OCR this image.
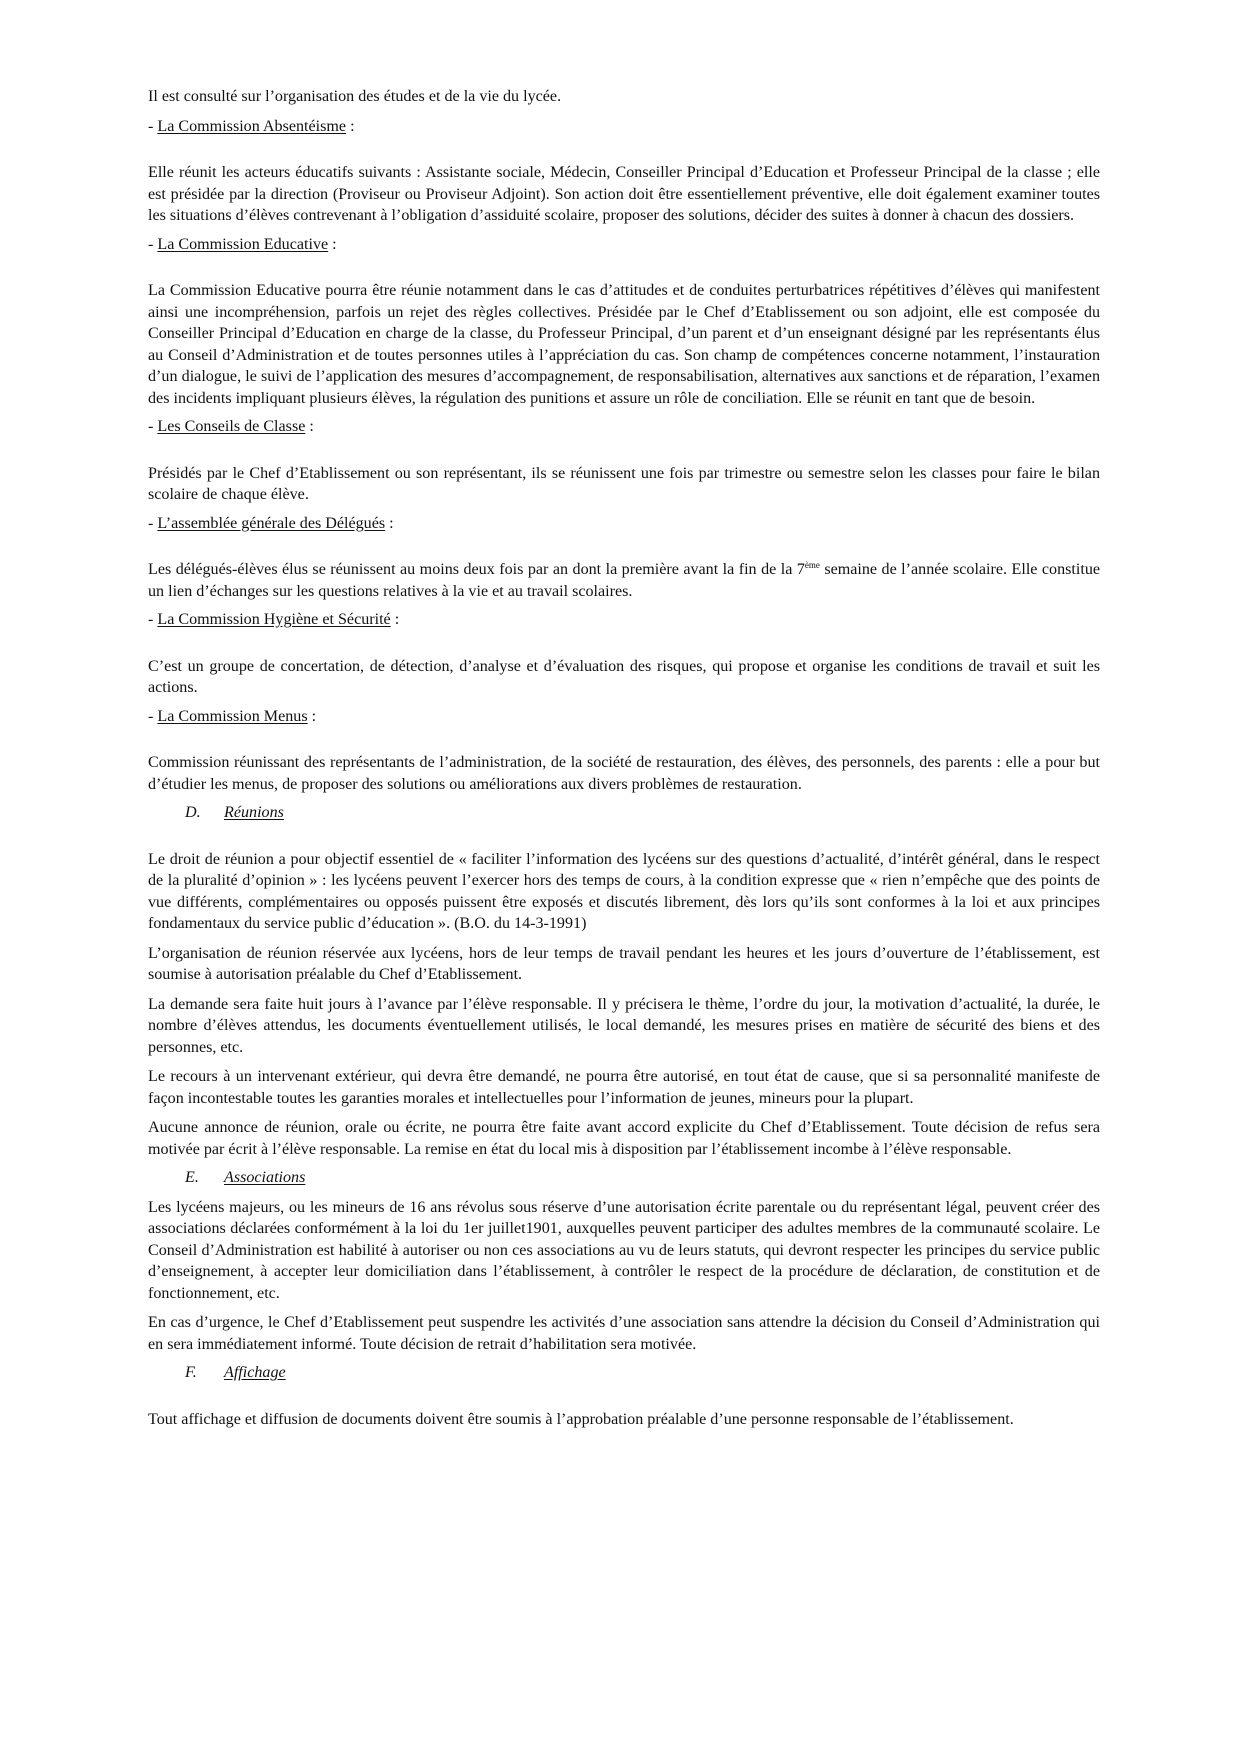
Il est consulté sur l’organisation des études et de la vie du lycée.

- La Commission Absentéisme :

Elle réunit les acteurs éducatifs suivants : Assistante sociale, Médecin, Conseiller Principal d’Education et Professeur Principal de la classe ; elle est présidée par la direction (Proviseur ou Proviseur Adjoint). Son action doit être essentiellement préventive, elle doit également examiner toutes les situations d’élèves contrevenant à l’obligation d’assiduité scolaire, proposer des solutions, décider des suites à donner à chacun des dossiers.

- La Commission Educative :

La Commission Educative pourra être réunie notamment dans le cas d’attitudes et de conduites perturbatrices répétitives d’élèves qui manifestent ainsi une incompréhension, parfois un rejet des règles collectives. Présidée par le Chef d’Etablissement ou son adjoint, elle est composée du Conseiller Principal d’Education en charge de la classe, du Professeur Principal, d’un parent et d’un enseignant désigné par les représentants élus au Conseil d’Administration et de toutes personnes utiles à l’appréciation du cas. Son champ de compétences concerne notamment, l’instauration d’un dialogue, le suivi de l’application des mesures d’accompagnement, de responsabilisation, alternatives aux sanctions et de réparation, l’examen des incidents impliquant plusieurs élèves, la régulation des punitions et assure un rôle de conciliation. Elle se réunit en tant que de besoin.

- Les Conseils de Classe :

Présidés par le Chef d’Etablissement ou son représentant, ils se réunissent une fois par trimestre ou semestre selon les classes pour faire le bilan scolaire de chaque élève.

- L’assemblée générale des Délégués :

Les délégués-élèves élus se réunissent au moins deux fois par an dont la première avant la fin de la 7ème semaine de l’année scolaire. Elle constitue un lien d’échanges sur les questions relatives à la vie et au travail scolaires.

- La Commission Hygiène et Sécurité :

C’est un groupe de concertation, de détection, d’analyse et d’évaluation des risques, qui propose et organise les conditions de travail et suit les actions.

- La Commission Menus :

Commission réunissant des représentants de l’administration, de la société de restauration, des élèves, des personnels, des parents : elle a pour but d’étudier les menus, de proposer des solutions ou améliorations aux divers problèmes de restauration.

D. Réunions

Le droit de réunion a pour objectif essentiel de « faciliter l’information des lycéens sur des questions d’actualité, d’intérêt général, dans le respect de la pluralité d’opinion » : les lycéens peuvent l’exercer hors des temps de cours, à la condition expresse que « rien n’empêche que des points de vue différents, complémentaires ou opposés puissent être exposés et discutés librement, dès lors qu’ils sont conformes à la loi et aux principes fondamentaux du service public d’éducation ». (B.O. du 14-3-1991)

L’organisation de réunion réservée aux lycéens, hors de leur temps de travail pendant les heures et les jours d’ouverture de l’établissement, est soumise à autorisation préalable du Chef d’Etablissement.

La demande sera faite huit jours à l’avance par l’élève responsable. Il y précisera le thème, l’ordre du jour, la motivation d’actualité, la durée, le nombre d’élèves attendus, les documents éventuellement utilisés, le local demandé, les mesures prises en matière de sécurité des biens et des personnes, etc.

Le recours à un intervenant extérieur, qui devra être demandé, ne pourra être autorisé, en tout état de cause, que si sa personnalité manifeste de façon incontestable toutes les garanties morales et intellectuelles pour l’information de jeunes, mineurs pour la plupart.

Aucune annonce de réunion, orale ou écrite, ne pourra être faite avant accord explicite du Chef d’Etablissement. Toute décision de refus sera motivée par écrit à l’élève responsable. La remise en état du local mis à disposition par l’établissement incombe à l’élève responsable.

E. Associations

Les lycéens majeurs, ou les mineurs de 16 ans révolus sous réserve d’une autorisation écrite parentale ou du représentant légal, peuvent créer des associations déclarées conformément à la loi du 1er juillet1901, auxquelles peuvent participer des adultes membres de la communauté scolaire. Le Conseil d’Administration est habilité à autoriser ou non ces associations au vu de leurs statuts, qui devront respecter les principes du service public d’enseignement, à accepter leur domiciliation dans l’établissement, à contrôler le respect de la procédure de déclaration, de constitution et de fonctionnement, etc.

En cas d’urgence, le Chef d’Etablissement peut suspendre les activités d’une association sans attendre la décision du Conseil d’Administration qui en sera immédiatement informé. Toute décision de retrait d’habilitation sera motivée.

F. Affichage

Tout affichage et diffusion de documents doivent être soumis à l’approbation préalable d’une personne responsable de l’établissement.
